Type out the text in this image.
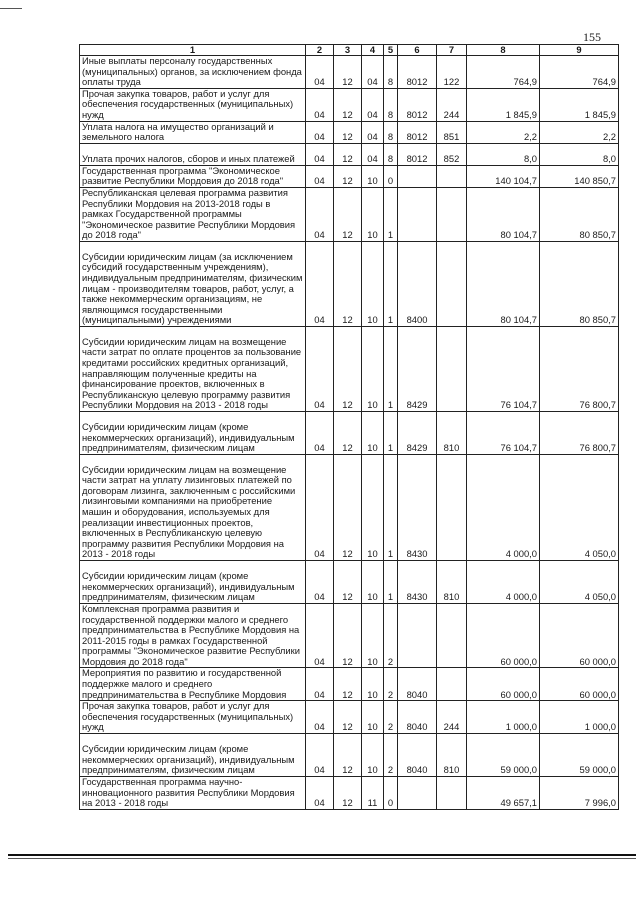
155
1	2	3	4	5	6	7	8	9
Иные выплаты персоналу государственных (муниципальных) органов, за исключением фонда оплаты труда	04	12	04	8	8012	122	764,9	764,9
Прочая закупка товаров, работ и услуг для обеспечения государственных (муниципальных) нужд	04	12	04	8	8012	244	1 845,9	1 845,9
Уплата налога на имущество организаций и земельного налога	04	12	04	8	8012	851	2,2	2,2
Уплата прочих налогов, сборов и иных платежей	04	12	04	8	8012	852	8,0	8,0
Государственная программа "Экономическое развитие Республики Мордовия до 2018 года"	04	12	10	0			140 104,7	140 850,7
Республиканская целевая программа развития Республики Мордовия на 2013-2018 годы в рамках Государственной программы "Экономическое развитие Республики Мордовия до 2018 года"	04	12	10	1			80 104,7	80 850,7
Субсидии юридическим лицам (за исключением субсидий государственным учреждениям), индивидуальным предпринимателям, физическим лицам - производителям товаров, работ, услуг, а также некоммерческим организациям, не являющимся государственными (муниципальными) учреждениями	04	12	10	1	8400		80 104,7	80 850,7
Субсидии юридическим лицам на возмещение части затрат по оплате процентов за пользование кредитами российских кредитных организаций, направляющим полученные кредиты на финансирование проектов, включенных в Республиканскую целевую программу развития Республики Мордовия на 2013 - 2018 годы	04	12	10	1	8429		76 104,7	76 800,7
Субсидии юридическим лицам (кроме некоммерческих организаций), индивидуальным предпринимателям, физическим лицам	04	12	10	1	8429	810	76 104,7	76 800,7
Субсидии юридическим лицам на возмещение части затрат на уплату лизинговых платежей по договорам лизинга, заключенным с российскими лизинговыми компаниями на приобретение машин и оборудования, используемых для реализации инвестиционных проектов, включенных в Республиканскую целевую программу развития Республики Мордовия на 2013 - 2018 годы	04	12	10	1	8430		4 000,0	4 050,0
Субсидии юридическим лицам (кроме некоммерческих организаций), индивидуальным предпринимателям, физическим лицам	04	12	10	1	8430	810	4 000,0	4 050,0
Комплексная программа развития и государственной поддержки малого и среднего предпринимательства в Республике Мордовия на 2011-2015 годы в рамках Государственной программы "Экономическое развитие Республики Мордовия до 2018 года"	04	12	10	2			60 000,0	60 000,0
Мероприятия по развитию и государственной поддержке малого и среднего предпринимательства в Республике Мордовия	04	12	10	2	8040		60 000,0	60 000,0
Прочая закупка товаров, работ и услуг для обеспечения государственных (муниципальных) нужд	04	12	10	2	8040	244	1 000,0	1 000,0
Субсидии юридическим лицам (кроме некоммерческих организаций), индивидуальным предпринимателям, физическим лицам	04	12	10	2	8040	810	59 000,0	59 000,0
Государственная программа научно-инновационного развития Республики Мордовия на 2013 - 2018 годы	04	12	11	0			49 657,1	7 996,0
